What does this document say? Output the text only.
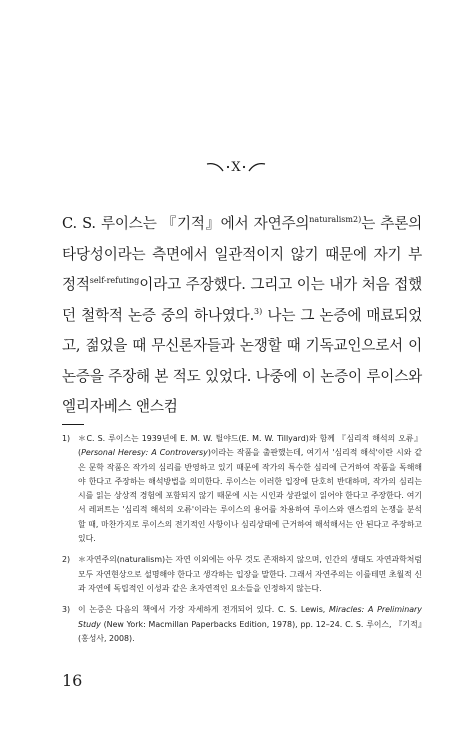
X
C. S. 루이스는 『기적』에서 자연주의$^{naturalism2)}$는 추론의 타당성이라는 측면에서 일관적이지 않기 때문에 자기 부정적$^{self-refuting}$이라고 주장했다. 그리고 이는 내가 처음 접했던 철학적 논증 중의 하나였다.$^{3)}$ 나는 그 논증에 매료되었고, 젊었을 때 무신론자들과 논쟁할 때 기독교인으로서 이 논증을 주장해 본 적도 있었다. 나중에 이 논증이 루이스와 엘리자베스 앤스컴
1) ＊C. S. 루이스는 1939년에 E. M. W. 틸야드(E. M. W. Tillyard)와 함께 『심리적 해석의 오류』(Personal Heresy: A Controversy)이라는 작품을 출판했는데, 여기서 '심리적 해석'이란 시와 같은 문학 작품은 작가의 심리를 반영하고 있기 때문에 작가의 특수한 심리에 근거하여 작품을 독해해야 한다고 주장하는 해석방법을 의미한다. 루이스는 이러한 입장에 단호히 반대하며, 작가의 심리는 시를 읽는 상상적 경험에 포함되지 않기 때문에 시는 시인과 상관없이 읽어야 한다고 주장한다. 여기서 레퍼트는 '심리적 해석의 오류'이라는 루이스의 용어를 차용하여 루이스와 앤스컴의 논쟁을 분석할 때, 마찬가지로 루이스의 전기적인 사항이나 심리상태에 근거하여 해석해서는 안 된다고 주장하고 있다.
2) ＊자연주의(naturalism)는 자연 이외에는 아무 것도 존재하지 않으며, 인간의 생태도 자연과학처럼 모두 자연현상으로 설명해야 한다고 생각하는 입장을 말한다. 그래서 자연주의는 이를테면 초월적 신과 자연에 독립적인 이성과 같은 초자연적인 요소들을 인정하지 않는다.
3) 이 논증은 다음의 책에서 가장 자세하게 전개되어 있다. C. S. Lewis, Miracles: A Preliminary Study (New York: Macmillan Paperbacks Edition, 1978), pp. 12–24. C. S. 루이스, 『기적』(홍성사, 2008).
16
